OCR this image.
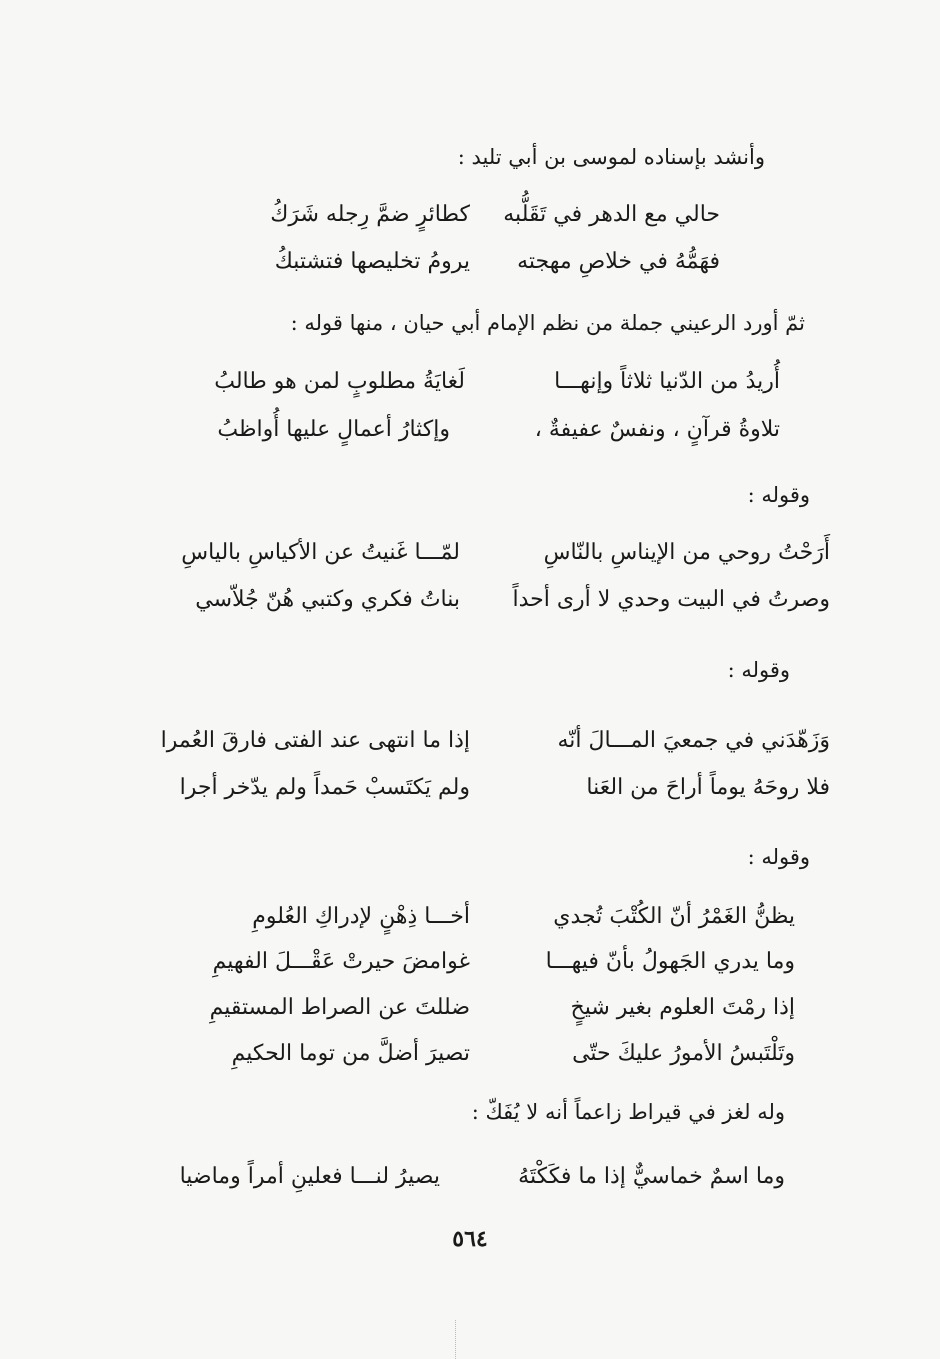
وأنشد بإسناده لموسى بن أبي تليد :
حالي مع الدهر في تَقَلُّبه
كطائرٍ ضمَّ رِجله شَرَكُ
فهَمُّهُ في خلاصِ مهجته
يرومُ تخليصها فتشتبكُ
ثمّ أورد الرعيني جملة من نظم الإمام أبي حيان ، منها قوله :
أُريدُ من الدّنيا ثلاثاً وإنهـــا
لَغايَةُ مطلوبٍ لمن هو طالبُ
تلاوةُ قرآنٍ ، ونفسٌ عفيفةٌ ،
وإكثارُ أعمالٍ عليها أُواظبُ
وقوله :
أَرَحْتُ روحي من الإيناسِ بالنّاسِ
لمّـــا غَنيتُ عن الأكياسِ بالياسِ
وصرتُ في البيت وحدي لا أرى أحداً
بناتُ فكري وكتبي هُنّ جُلاّسي
وقوله :
وَزَهّدَني في جمعيَ المـــالَ أنّه
إذا ما انتهى عند الفتى فارقَ العُمرا
فلا روحَهُ يوماً أراحَ من العَنا
ولم يَكتَسبْ حَمداً ولم يدّخر أجرا
وقوله :
يظنُّ الغَمْرُ أنّ الكُتْبَ تُجدي
أخـــا ذِهْنٍ لإدراكِ العُلومِ
وما يدري الجَهولُ بأنّ فيهـــا
غوامضَ حيرتْ عَقْـــلَ الفهيمِ
إذا رمْتَ العلوم بغير شيخٍ
ضللتَ عن الصراط المستقيمِ
وتَلْتَبسُ الأمورُ عليكَ حتّى
تصيرَ أضلَّ من توما الحكيمِ
وله لغز في قيراط زاعماً أنه لا يُفَكّ :
وما اسمٌ خماسيٌّ إذا ما فكَكْتَهُ
يصيرُ لنـــا فعلينِ أمراً وماضيا
٥٦٤
